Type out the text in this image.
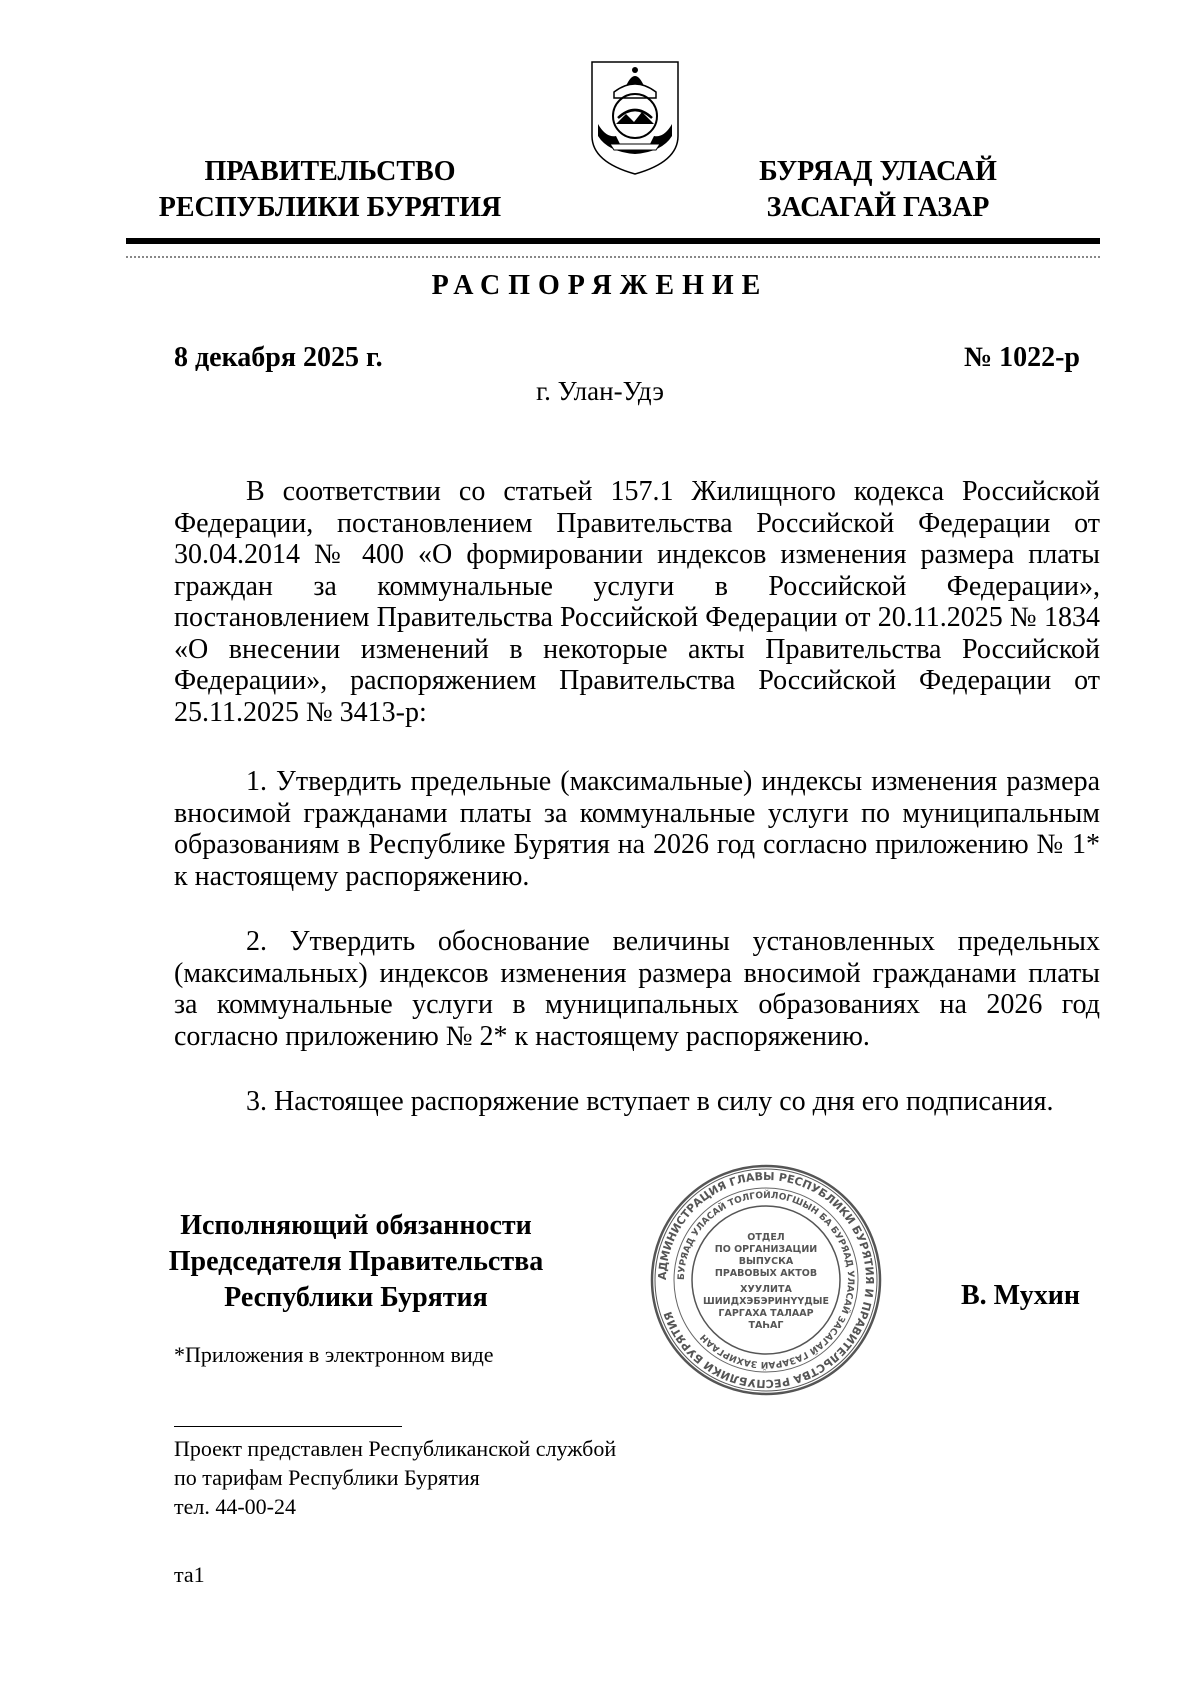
ПРАВИТЕЛЬСТВО
РЕСПУБЛИКИ БУРЯТИЯ
БУРЯАД УЛАСАЙ
ЗАСАГАЙ ГАЗАР
РАСПОРЯЖЕНИЕ
8 декабря 2025 г.	№ 1022-р
г. Улан-Удэ

В соответствии со статьей 157.1 Жилищного кодекса Российской Федерации, постановлением Правительства Российской Федерации от 30.04.2014 № 400 «О формировании индексов изменения размера платы граждан за коммунальные услуги в Российской Федерации», постановлением Правительства Российской Федерации от 20.11.2025 № 1834 «О внесении изменений в некоторые акты Правительства Российской Федерации», распоряжением Правительства Российской Федерации от 25.11.2025 № 3413-р:

1. Утвердить предельные (максимальные) индексы изменения размера вносимой гражданами платы за коммунальные услуги по муниципальным образованиям в Республике Бурятия на 2026 год согласно приложению № 1* к настоящему распоряжению.

2. Утвердить обоснование величины установленных предельных (максимальных) индексов изменения размера вносимой гражданами платы за коммунальные услуги в муниципальных образованиях на 2026 год согласно приложению № 2* к настоящему распоряжению.

3. Настоящее распоряжение вступает в силу со дня его подписания.

Исполняющий обязанности
Председателя Правительства
Республики Бурятия
АДМИНИСТРАЦИЯ ГЛАВЫ РЕСПУБЛИКИ БУРЯТИЯ И ПРАВИТЕЛЬСТВА РЕСПУБЛИКИ БУРЯТИЯ
БУРЯАД УЛАСАЙ ТОЛГОЙЛОГШЫН БА БУРЯАД УЛАСАЙ ЗАСАГАЙ ГАЗАРАЙ ЗАХИРГААН
ОТДЕЛ
ПО ОРГАНИЗАЦИИ
ВЫПУСКА
ПРАВОВЫХ АКТОВ
ХУУЛИТА
ШИИДХЭБЭРИНҮҮДЫЕ
ГАРГАХА ТАЛААР
ТАҺАГ
В. Мухин
*Приложения в электронном виде
Проект представлен Республиканской службой
по тарифам Республики Бурятия
тел. 44-00-24
та1
